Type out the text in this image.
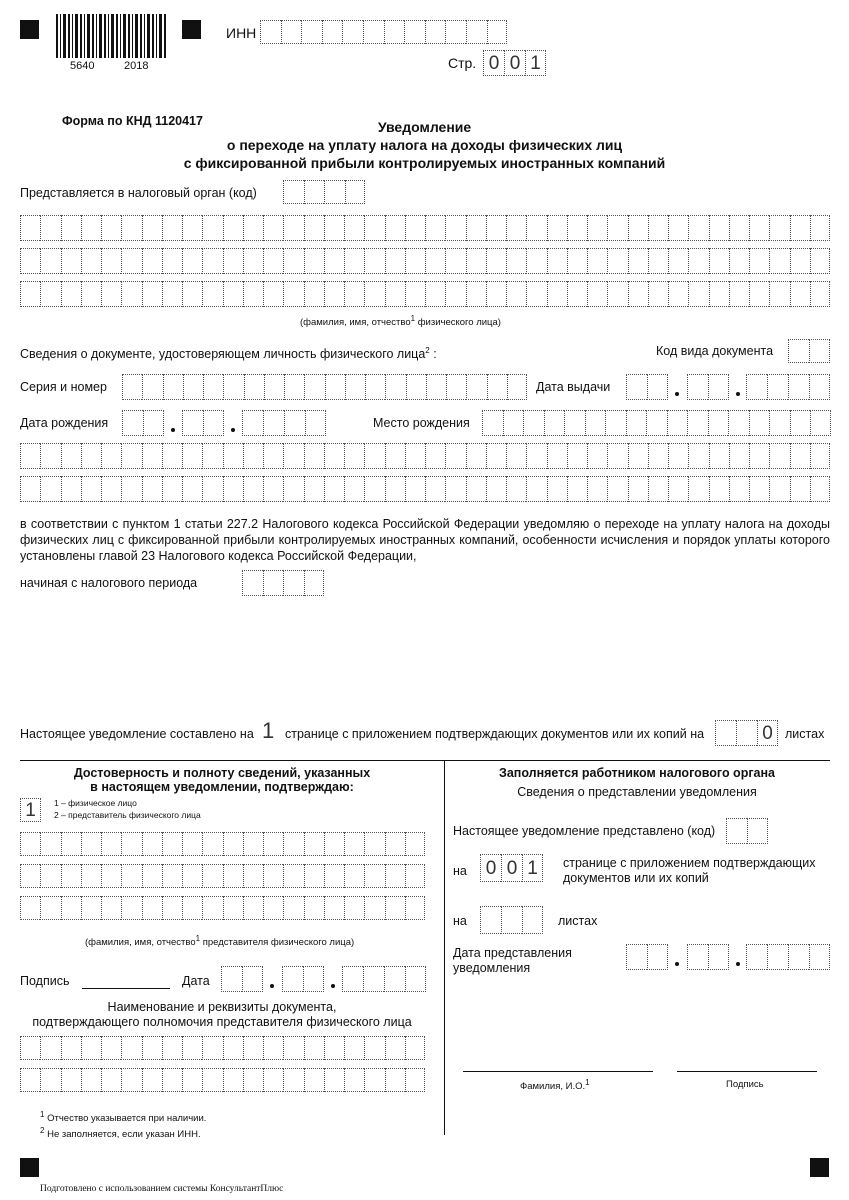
5640	2018
ИНН
Стр. 0 0 1
Форма по КНД 1120417	Уведомление
о переходе на уплату налога на доходы физических лиц
с фиксированной прибыли контролируемых иностранных компаний
Представляется в налоговый орган (код)
(фамилия, имя, отчество$^1$ физического лица)
Сведения о документе, удостоверяющем личность физического лица$^2$ :	Код вида документа
Серия и номер	Дата выдачи
Дата рождения	Место рождения
в соответствии с пунктом 1 статьи 227.2 Налогового кодекса Российской Федерации уведомляю о переходе на уплату налога на доходы физических лиц с фиксированной прибыли контролируемых иностранных компаний, особенности исчисления и порядок уплаты которого установлены главой 23 Налогового кодекса Российской Федерации,
начиная с налогового периода
Настоящее уведомление составлено на 1 странице с приложением подтверждающих документов или их копий на	0 листах
Достоверность и полноту сведений, указанных
в настоящем уведомлении, подтверждаю:
1	1 – физическое лицо
2 – представитель физического лица
(фамилия, имя, отчество$^1$ представителя физического лица)
Подпись	Дата
Наименование и реквизиты документа,
подтверждающего полномочия представителя физического лица
Заполняется работником налогового органа
Сведения о представлении уведомления
Настоящее уведомление представлено (код)
на 0 0 1	странице с приложением подтверждающих
документов или их копий
на	листах
Дата представления
уведомления
Фамилия, И.О.$^1$	Подпись
$^1$ Отчество указывается при наличии.
$^2$ Не заполняется, если указан ИНН.
Подготовлено с использованием системы КонсультантПлюс
